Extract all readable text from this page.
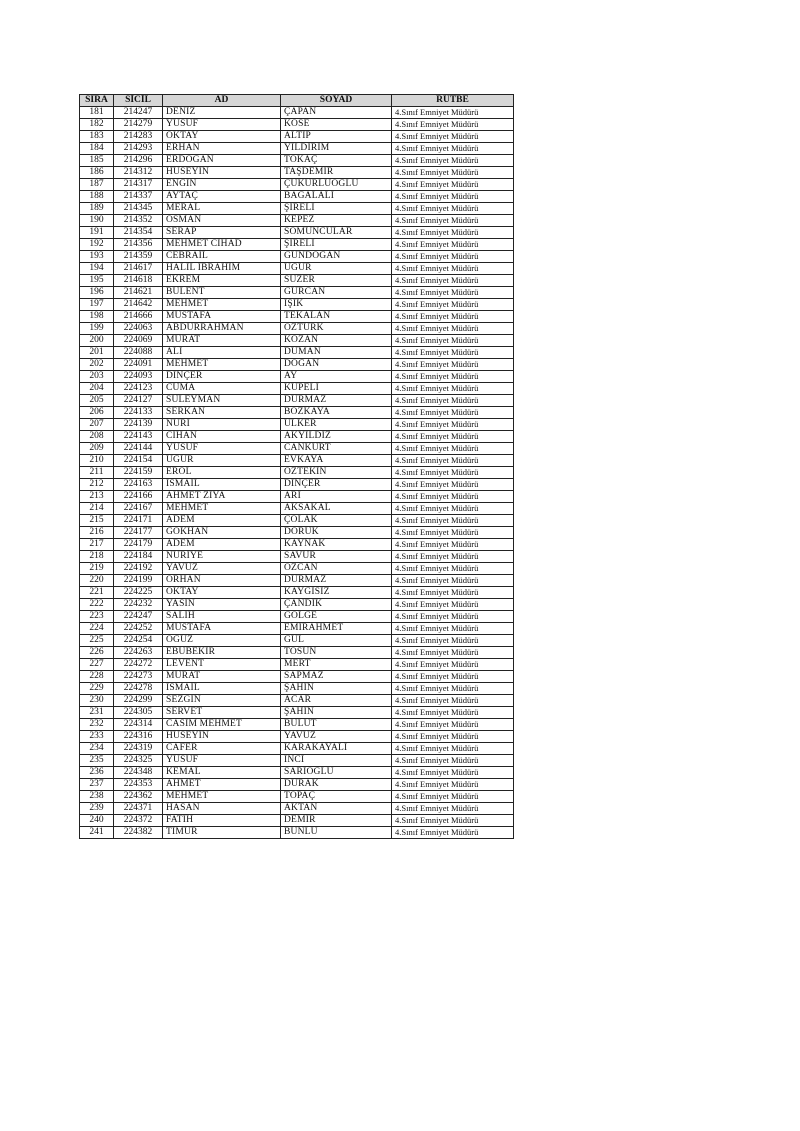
SIRA	SİCİL	AD	SOYAD	RÜTBE
181	214247	DENİZ	ÇAPAN	4.Sınıf Emniyet Müdürü
182	214279	YUSUF	KÖSE	4.Sınıf Emniyet Müdürü
183	214283	OKTAY	ALTIP	4.Sınıf Emniyet Müdürü
184	214293	ERHAN	YILDIRIM	4.Sınıf Emniyet Müdürü
185	214296	ERDOĞAN	TOKAÇ	4.Sınıf Emniyet Müdürü
186	214312	HÜSEYİN	TAŞDEMİR	4.Sınıf Emniyet Müdürü
187	214317	ENGİN	ÇUKURLUOĞLU	4.Sınıf Emniyet Müdürü
188	214337	AYTAÇ	BAGALALI	4.Sınıf Emniyet Müdürü
189	214345	MERAL	ŞİRELİ	4.Sınıf Emniyet Müdürü
190	214352	OSMAN	KEPEZ	4.Sınıf Emniyet Müdürü
191	214354	SERAP	SOMUNCULAR	4.Sınıf Emniyet Müdürü
192	214356	MEHMET CİHAD	ŞİRELİ	4.Sınıf Emniyet Müdürü
193	214359	CEBRAİL	GÜNDOĞAN	4.Sınıf Emniyet Müdürü
194	214617	HALİL İBRAHİM	UĞUR	4.Sınıf Emniyet Müdürü
195	214618	EKREM	SÜZER	4.Sınıf Emniyet Müdürü
196	214621	BÜLENT	GÜRCAN	4.Sınıf Emniyet Müdürü
197	214642	MEHMET	IŞIK	4.Sınıf Emniyet Müdürü
198	214666	MUSTAFA	TEKALAN	4.Sınıf Emniyet Müdürü
199	224063	ABDURRAHMAN	ÖZTÜRK	4.Sınıf Emniyet Müdürü
200	224069	MURAT	KOZAN	4.Sınıf Emniyet Müdürü
201	224088	ALİ	DUMAN	4.Sınıf Emniyet Müdürü
202	224091	MEHMET	DOĞAN	4.Sınıf Emniyet Müdürü
203	224093	DİNÇER	AY	4.Sınıf Emniyet Müdürü
204	224123	CUMA	KÜPELİ	4.Sınıf Emniyet Müdürü
205	224127	SÜLEYMAN	DURMAZ	4.Sınıf Emniyet Müdürü
206	224133	SERKAN	BOZKAYA	4.Sınıf Emniyet Müdürü
207	224139	NURİ	ÜLKER	4.Sınıf Emniyet Müdürü
208	224143	CİHAN	AKYILDIZ	4.Sınıf Emniyet Müdürü
209	224144	YUSUF	CANKURT	4.Sınıf Emniyet Müdürü
210	224154	UĞUR	EVKAYA	4.Sınıf Emniyet Müdürü
211	224159	EROL	ÖZTEKİN	4.Sınıf Emniyet Müdürü
212	224163	İSMAİL	DİNÇER	4.Sınıf Emniyet Müdürü
213	224166	AHMET ZİYA	ARI	4.Sınıf Emniyet Müdürü
214	224167	MEHMET	AKSAKAL	4.Sınıf Emniyet Müdürü
215	224171	ADEM	ÇOLAK	4.Sınıf Emniyet Müdürü
216	224177	GÖKHAN	DORUK	4.Sınıf Emniyet Müdürü
217	224179	ADEM	KAYNAK	4.Sınıf Emniyet Müdürü
218	224184	NURİYE	SAVUR	4.Sınıf Emniyet Müdürü
219	224192	YAVUZ	ÖZCAN	4.Sınıf Emniyet Müdürü
220	224199	ORHAN	DURMAZ	4.Sınıf Emniyet Müdürü
221	224225	OKTAY	KAYGISIZ	4.Sınıf Emniyet Müdürü
222	224232	YASİN	ÇANDİK	4.Sınıf Emniyet Müdürü
223	224247	SALİH	GÖLGE	4.Sınıf Emniyet Müdürü
224	224252	MUSTAFA	EMİRAHMET	4.Sınıf Emniyet Müdürü
225	224254	OĞUZ	GÜL	4.Sınıf Emniyet Müdürü
226	224263	EBUBEKİR	TOSUN	4.Sınıf Emniyet Müdürü
227	224272	LEVENT	MERT	4.Sınıf Emniyet Müdürü
228	224273	MURAT	SAPMAZ	4.Sınıf Emniyet Müdürü
229	224278	İSMAİL	ŞAHİN	4.Sınıf Emniyet Müdürü
230	224299	SEZGİN	ACAR	4.Sınıf Emniyet Müdürü
231	224305	SERVET	ŞAHİN	4.Sınıf Emniyet Müdürü
232	224314	CASİM MEHMET	BULUT	4.Sınıf Emniyet Müdürü
233	224316	HÜSEYİN	YAVUZ	4.Sınıf Emniyet Müdürü
234	224319	CAFER	KARAKAYALI	4.Sınıf Emniyet Müdürü
235	224325	YUSUF	İNCİ	4.Sınıf Emniyet Müdürü
236	224348	KEMAL	SARIOĞLU	4.Sınıf Emniyet Müdürü
237	224353	AHMET	DURAK	4.Sınıf Emniyet Müdürü
238	224362	MEHMET	TOPAÇ	4.Sınıf Emniyet Müdürü
239	224371	HASAN	AKTAN	4.Sınıf Emniyet Müdürü
240	224372	FATİH	DEMİR	4.Sınıf Emniyet Müdürü
241	224382	TİMUR	BUNLU	4.Sınıf Emniyet Müdürü
